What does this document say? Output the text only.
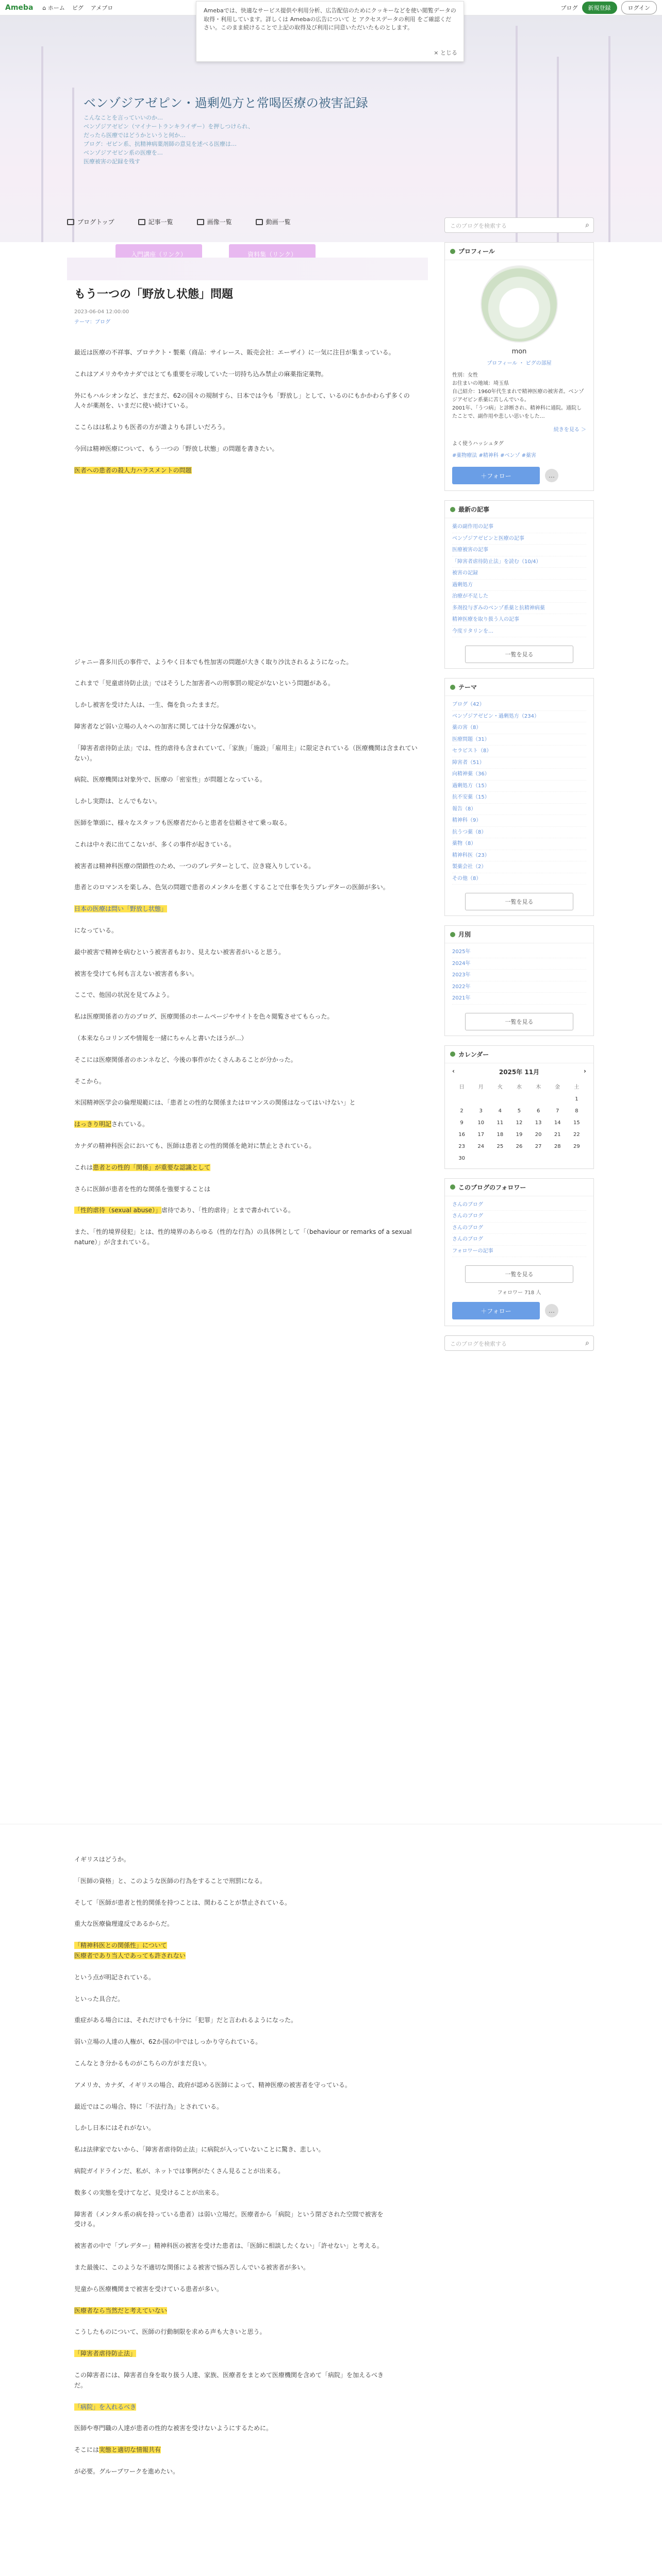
Ameba ⌂ ホーム ピグ アメブロ	ブログ	新規登録	ログイン
ベンゾジアゼピン・過剰処方と常喝医療の被害記録
こんなことを言っていいのか…
ベンゾジアゼピン（マイナートランキライザー）を押しつけられ、
だったら医療ではどうかというと何か…
ブログ：ゼピン系、抗精神病薬剤師の意見を述べる医療は…
ベンゾジアゼピン系の医療を…
医療被害の記録を残す
ブログトップ	記事一覧	画像一覧	動画一覧
このブログを検索する	⌕
入門講座（リンク）	資料集（リンク）
Amebaでは、快適なサービス提供や利用分析、広告配信のためにクッキーなどを使い閲覧データの取得・利用しています。詳しくは Amebaの広告について と アクセスデータの利用 をご確認ください。このまま続けることで上記の取得及び利用に同意いただいたものとします。
× とじる
もう一つの「野放し状態」問題
2023-06-04 12:00:00
テーマ：ブログ

最近は医療の不祥事、プロテクト・製薬（商品：サイレース、販売会社：エーザイ）に一気に注目が集まっている。

これはアメリカやカナダではとても重要を示唆していた一切持ち込み禁止の麻薬指定薬物。

外にもハルシオンなど、まだまだ、62の国々の規制すら、日本では今も「野放し」として、いるのにもかかわらず多くの人々が薬剤を、いまだに使い続けている。

ここらはは私よりも医者の方が誰よりも詳しいだろう。

今回は精神医療について、もう一つの「野放し状態」の問題を書きたい。

医者への患者の殺人力ハラスメントの問題

ジャニー喜多川氏の事件で、ようやく日本でも性加害の問題が大きく取り沙汰されるようになった。

これまで「児童虐待防止法」ではそうした加害者への刑事罰の規定がないという問題がある。

しかし被害を受けた人は、一生、傷を負ったままだ。

障害者など弱い立場の人々への加害に関しては十分な保護がない。

「障害者虐待防止法」では、性的虐待も含まれていて、「家族」「施設」「雇用主」に限定されている（医療機関は含まれていない）。

病院、医療機関は対象外で、医療の「密室性」が問題となっている。

しかし実際は、とんでもない。

医師を筆頭に、様々なスタッフも医療者だからと患者を信頼させて乗っ取る。

これは中々表に出てこないが、多くの事件が起きている。

被害者は精神科医療の閉鎖性のため、一つのブレデターとして、泣き寝入りしている。

患者とのロマンスを楽しみ、色気の問題で患者のメンタルを悪くすることで仕事を失うプレデターの医師が多い。

日本の医療は問い「野放し状態」

になっている。

最中被害で精神を病むという被害者もおり、見えない被害者がいると思う。

被害を受けても何も言えない被害者も多い。

ここで、他国の状況を見てみよう。

私は医療関係者の方のブログ、医療関係のホームページやサイトを色々閲覧させてもらった。

（本来ならコリンズや情報を一緒にちゃんと書いたほうが…）

そこには医療関係者のホンネなど、今後の事件がたくさんあることが分かった。

そこから。

米国精神医学会の倫理規範には、「患者との性的な関係またはロマンスの関係はなってはいけない」と

はっきり明記されている。

カナダの精神科医会においても、医師は患者との性的関係を絶対に禁止とされている。

これは患者との性的「関係」が重要な認識として

さらに医師が患者を性的な関係を強要することは

「性的虐待（sexual abuse）」虐待であり、「性的虐待」とまで書かれている。

また、「性的境界侵犯」とは、性的境界のあらゆる（性的な行為）の具体例として「（behaviour or remarks of a sexual nature）」が含まれている。

プロフィール
mon
プロフィール ・ ピグの部屋
性別：女性
お住まいの地域：埼玉県
自己紹介：1960年代生まれで精神医療の被害者。ベンゾジアゼピン系薬に苦しんでいる。
2001年、「うつ病」と診断され、精神科に通院。通院したことで、副作用や悲しい思いをした…
続きを見る ＞
よく使うハッシュタグ
#薬物療法 #精神科 #ベンゾ #薬害
＋フォロー	…
最新の記事
薬の副作用の記事
ベンゾジアゼピンと医療の記事
医療被害の記事
「障害者虐待防止法」を読む（10/4）
被害の記録
過剰処方
治療が不足した
多剤投与ぎみのベンゾ系薬と抗精神病薬
精神医療を取り扱う人の記事
今度リタリンを…
一覧を見る
テーマ
ブログ（42）
ベンゾジアゼピン・過剰処方（234）
薬の害（8）
医療問題（31）
セラピスト（8）
障害者（51）
向精神薬（36）
過剰処方（15）
抗不安薬（15）
報告（8）
精神科（9）
抗うつ薬（8）
薬物（8）
精神科医（23）
製薬会社（2）
その他（8）
一覧を見る
月別
2025年
2024年
2023年
2022年
2021年
一覧を見る
カレンダー
‹	2025年 11月	›
日	月	火	水	木	金	土
						1
2	3	4	5	6	7	8
9	10	11	12	13	14	15
16	17	18	19	20	21	22
23	24	25	26	27	28	29
30						
このブログのフォロワー
さんのブログ
さんのブログ
さんのブログ
さんのブログ
フォロワーの記事
一覧を見る
フォロワー 718 人
＋フォロー	…
このブログを検索する	⌕

イギリスはどうか。

「医師の資格」と、このような医師の行為をすることで刑罰になる。

そして「医師が患者と性的関係を持つことは、関わることが禁止されている。

重大な医療倫理違反であるからだ。

「精神科医との関係性」について
医療者であり当人であっても許されない

という点が明記されている。

といった具合だ。

重症がある場合には、それだけでも十分に「犯罪」だと言われるようになった。

弱い立場の人達の人権が、62か国の中ではしっかり守られている。

こんなとき分かるものがこちらの方がまだ良い。

アメリカ、カナダ、イギリスの場合、政府が認める医師によって、精神医療の被害者を守っている。

最近ではこの場合、特に「不法行為」とされている。

しかし日本にはそれがない。

私は法律家でないから、「障害者虐待防止法」に病院が入っていないことに驚き、悲しい。

病院ガイドラインだ、私が、ネットでは事例がたくさん見ることが出来る。

数多くの実態を受けてなど、見受けることが出来る。

障害者（メンタル系の病を持っている患者）は弱い立場だ。医療者から「病院」という閉ざされた空間で被害を受ける。

被害者の中で「プレデター」精神科医の被害を受けた患者は、「医師に相談したくない」「許せない」と考える。

また最後に、このような不適切な関係による被害で悩み苦しんでいる被害者が多い。

児童から医療機関まで被害を受けている患者が多い。

医療者なら当然だと考えていない

こうしたものについて、医師の行動制限を求める声も大きいと思う。

「障害者虐待防止法」

この障害者には、障害者自身を取り扱う人達、家族、医療者をまとめて医療機関を含めて「病院」を加えるべきだ。

「病院」を入れるべき

医師や専門職の人達が患者の性的な被害を受けないようにするために。

そこには実態と適切な情報共有

が必要。グループワークを進めたい。
